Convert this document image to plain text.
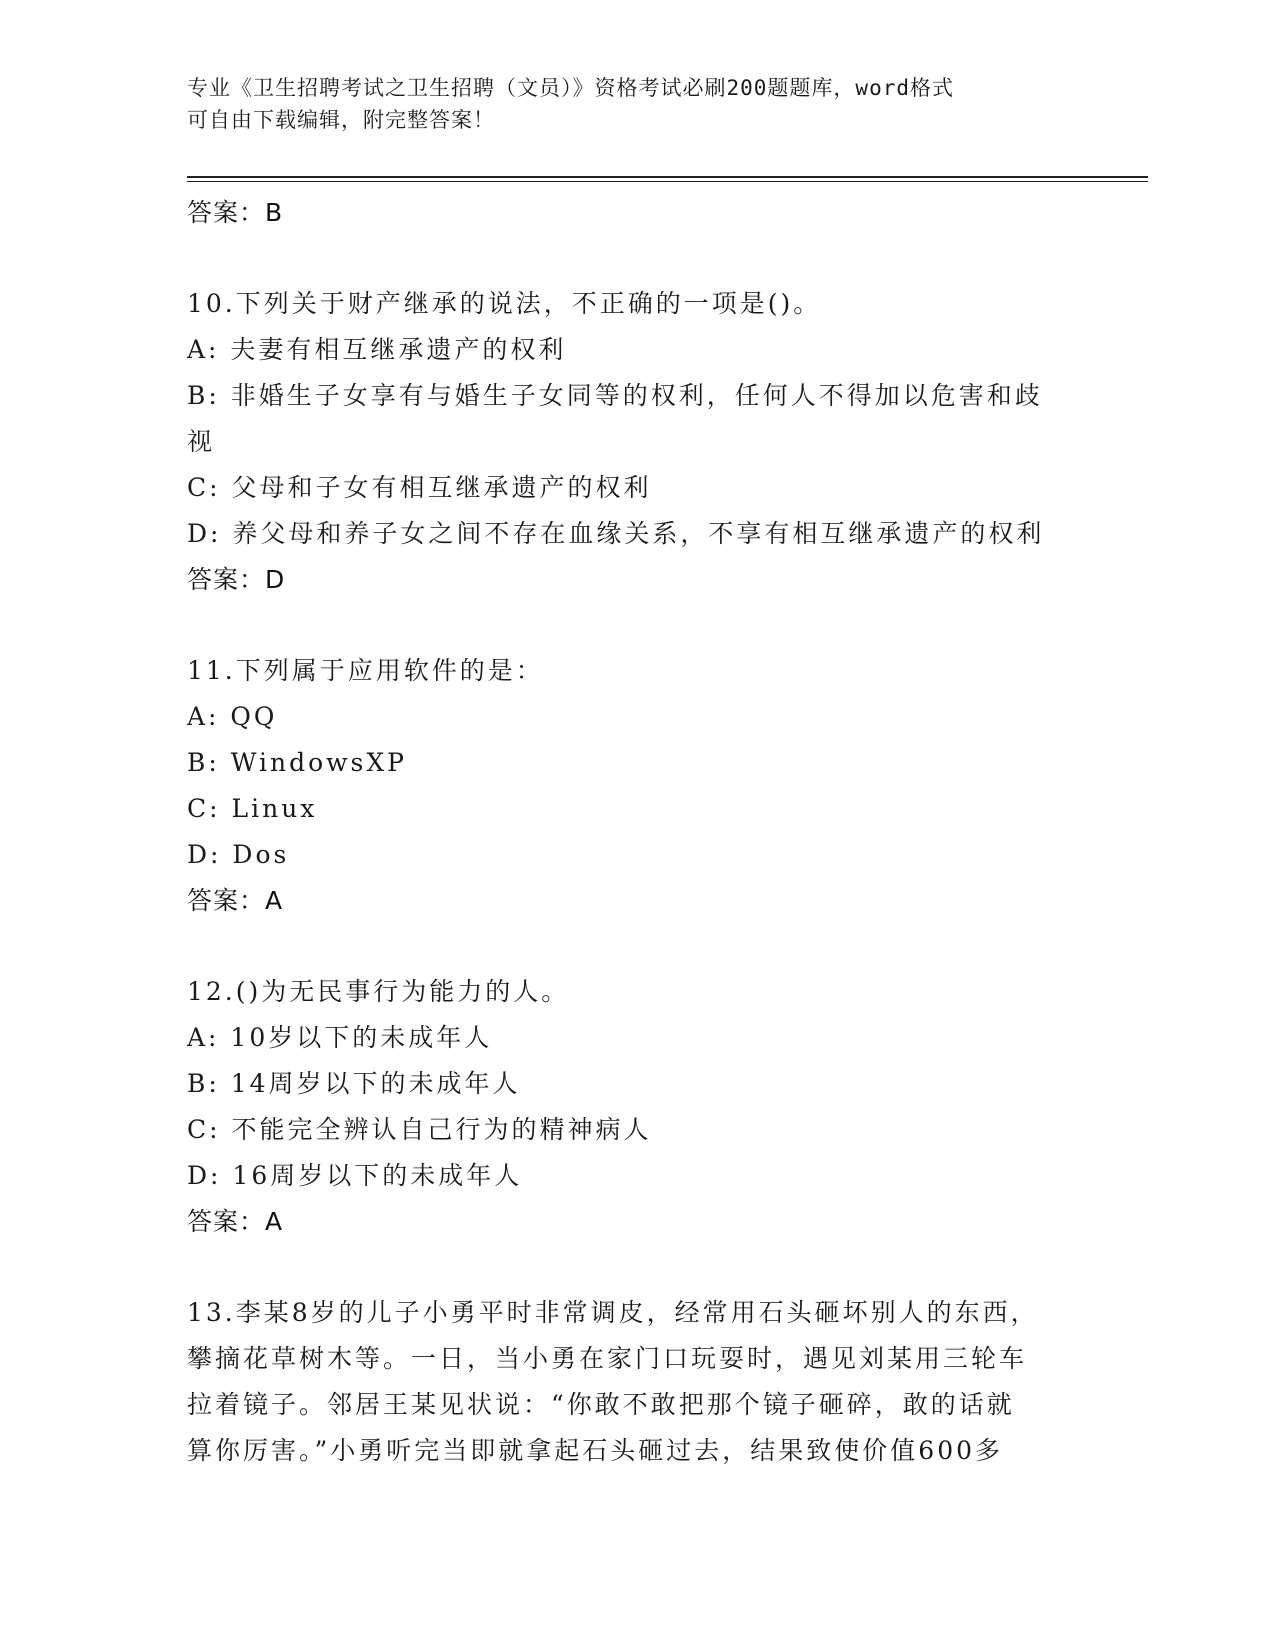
专业《卫生招聘考试之卫生招聘（文员）》资格考试必刷200题题库，word格式
可自由下载编辑，附完整答案！
答案：B
10.下列关于财产继承的说法，不正确的一项是()。
A: 夫妻有相互继承遗产的权利
B: 非婚生子女享有与婚生子女同等的权利，任何人不得加以危害和歧视
C: 父母和子女有相互继承遗产的权利
D: 养父母和养子女之间不存在血缘关系，不享有相互继承遗产的权利
答案：D
11.下列属于应用软件的是：
A: QQ
B: WindowsXP
C: Linux
D: Dos
答案：A
12.()为无民事行为能力的人。
A: 10岁以下的未成年人
B: 14周岁以下的未成年人
C: 不能完全辨认自己行为的精神病人
D: 16周岁以下的未成年人
答案：A
13.李某8岁的儿子小勇平时非常调皮，经常用石头砸坏别人的东西，
攀摘花草树木等。一日，当小勇在家门口玩耍时，遇见刘某用三轮车
拉着镜子。邻居王某见状说：“你敢不敢把那个镜子砸碎，敢的话就
算你厉害。”小勇听完当即就拿起石头砸过去，结果致使价值600多
